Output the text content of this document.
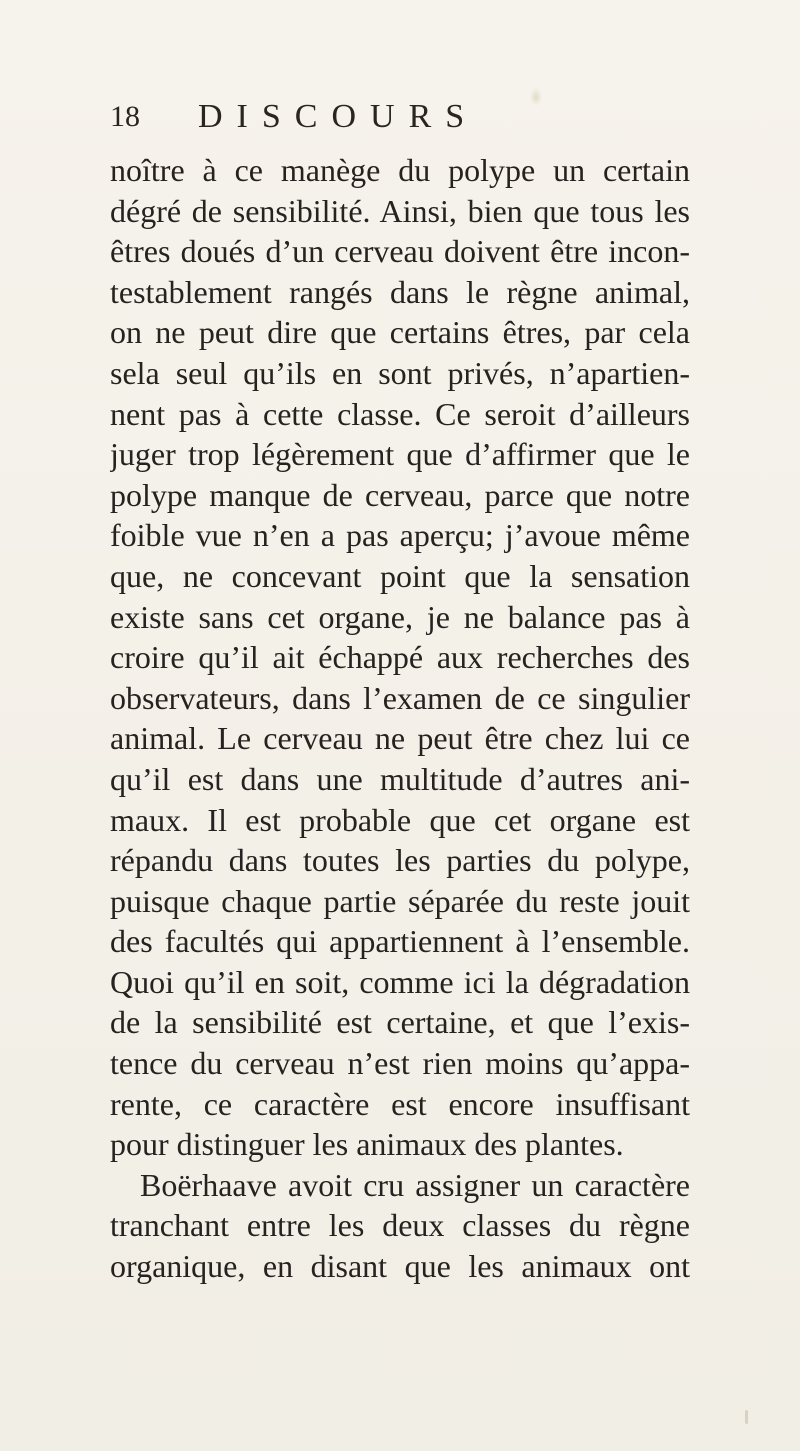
18 DISCOURS
noître à ce manège du polype un certain
dégré de sensibilité. Ainsi, bien que tous les
êtres doués d’un cerveau doivent être incon-
testablement rangés dans le règne animal,
on ne peut dire que certains êtres, par cela
sela seul qu’ils en sont privés, n’apartien-
nent pas à cette classe. Ce seroit d’ailleurs
juger trop légèrement que d’affirmer que le
polype manque de cerveau, parce que notre
foible vue n’en a pas aperçu; j’avoue même
que, ne concevant point que la sensation
existe sans cet organe, je ne balance pas à
croire qu’il ait échappé aux recherches des
observateurs, dans l’examen de ce singulier
animal. Le cerveau ne peut être chez lui ce
qu’il est dans une multitude d’autres ani-
maux. Il est probable que cet organe est
répandu dans toutes les parties du polype,
puisque chaque partie séparée du reste jouit
des facultés qui appartiennent à l’ensemble.
Quoi qu’il en soit, comme ici la dégradation
de la sensibilité est certaine, et que l’exis-
tence du cerveau n’est rien moins qu’appa-
rente, ce caractère est encore insuffisant
pour distinguer les animaux des plantes.
Boërhaave avoit cru assigner un caractère
tranchant entre les deux classes du règne
organique, en disant que les animaux ont
